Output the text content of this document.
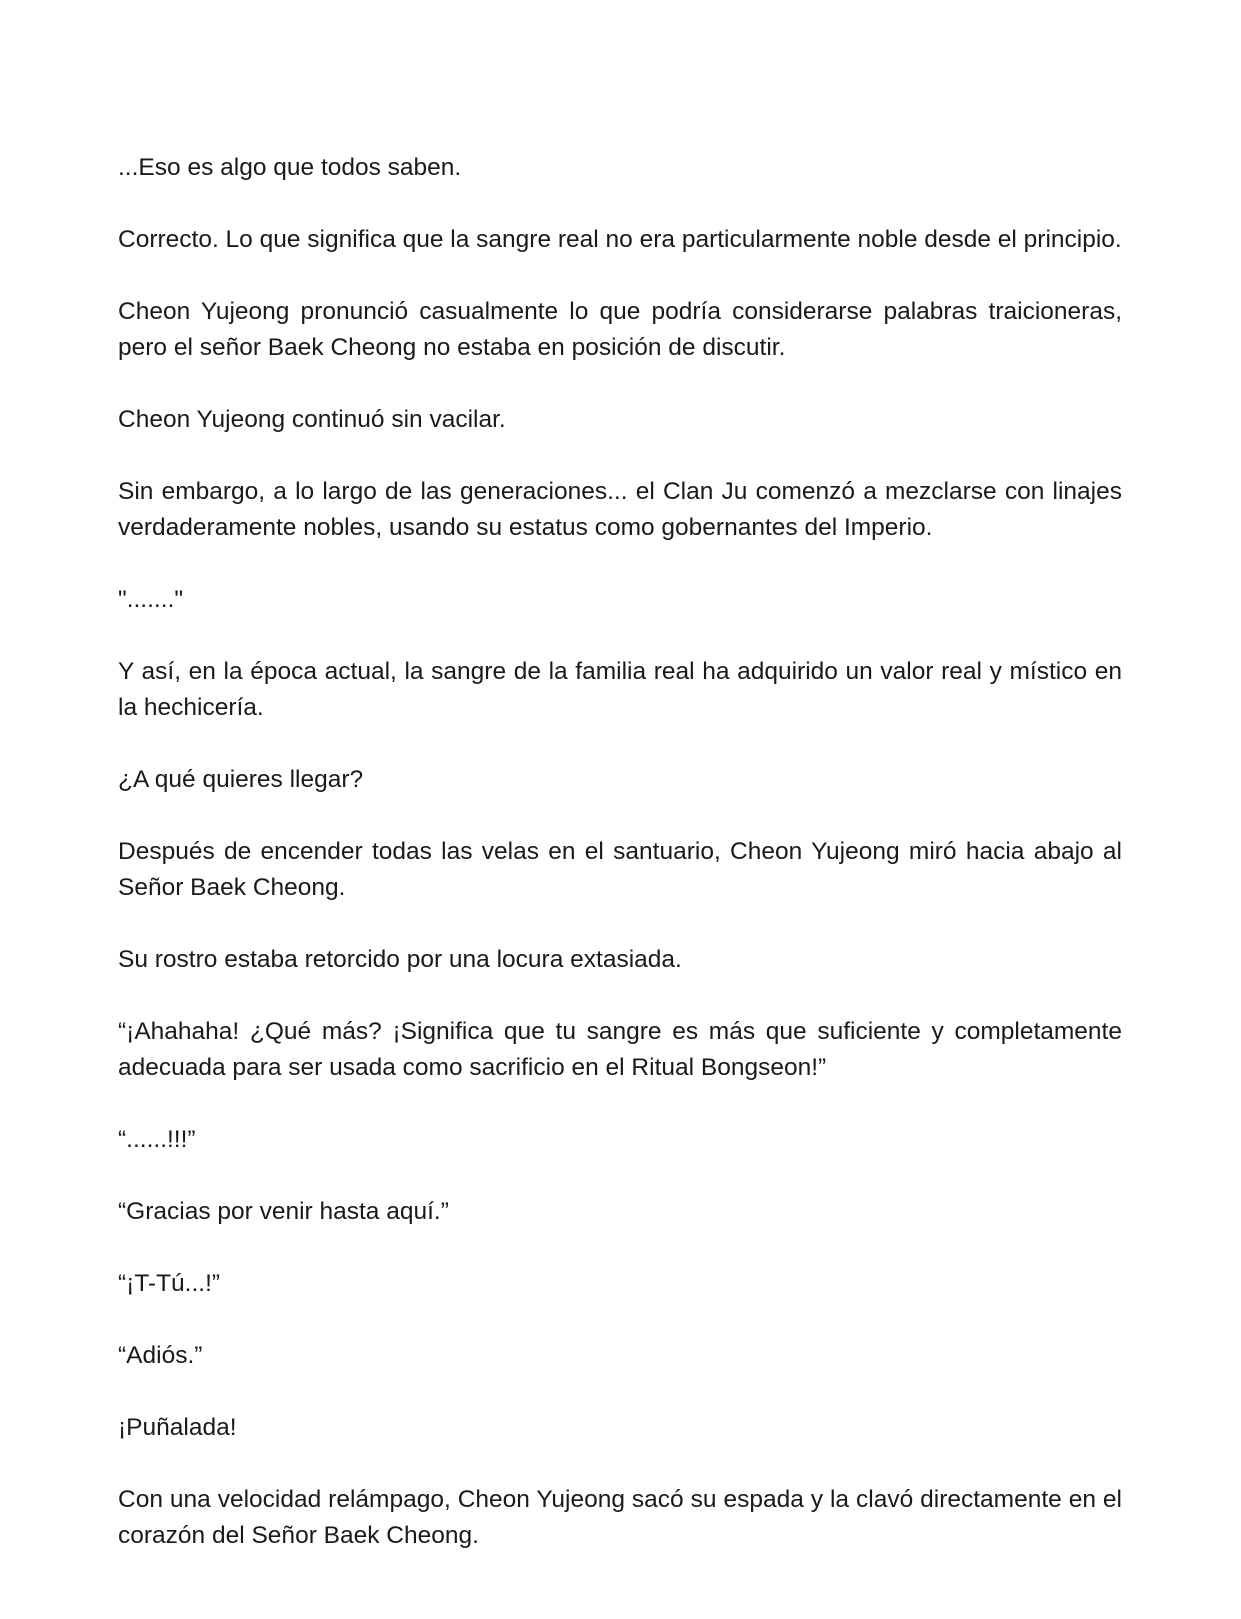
...Eso es algo que todos saben.

Correcto. Lo que significa que la sangre real no era particularmente noble desde el principio.

Cheon Yujeong pronunció casualmente lo que podría considerarse palabras traicioneras, pero el señor Baek Cheong no estaba en posición de discutir.

Cheon Yujeong continuó sin vacilar.

Sin embargo, a lo largo de las generaciones... el Clan Ju comenzó a mezclarse con linajes verdaderamente nobles, usando su estatus como gobernantes del Imperio.

"......."

Y así, en la época actual, la sangre de la familia real ha adquirido un valor real y místico en la hechicería.

¿A qué quieres llegar?

Después de encender todas las velas en el santuario, Cheon Yujeong miró hacia abajo al Señor Baek Cheong.

Su rostro estaba retorcido por una locura extasiada.

“¡Ahahaha! ¿Qué más? ¡Significa que tu sangre es más que suficiente y completamente adecuada para ser usada como sacrificio en el Ritual Bongseon!”

“......!!!”

“Gracias por venir hasta aquí.”

“¡T-Tú...!”

“Adiós.”

¡Puñalada!

Con una velocidad relámpago, Cheon Yujeong sacó su espada y la clavó directamente en el corazón del Señor Baek Cheong.
